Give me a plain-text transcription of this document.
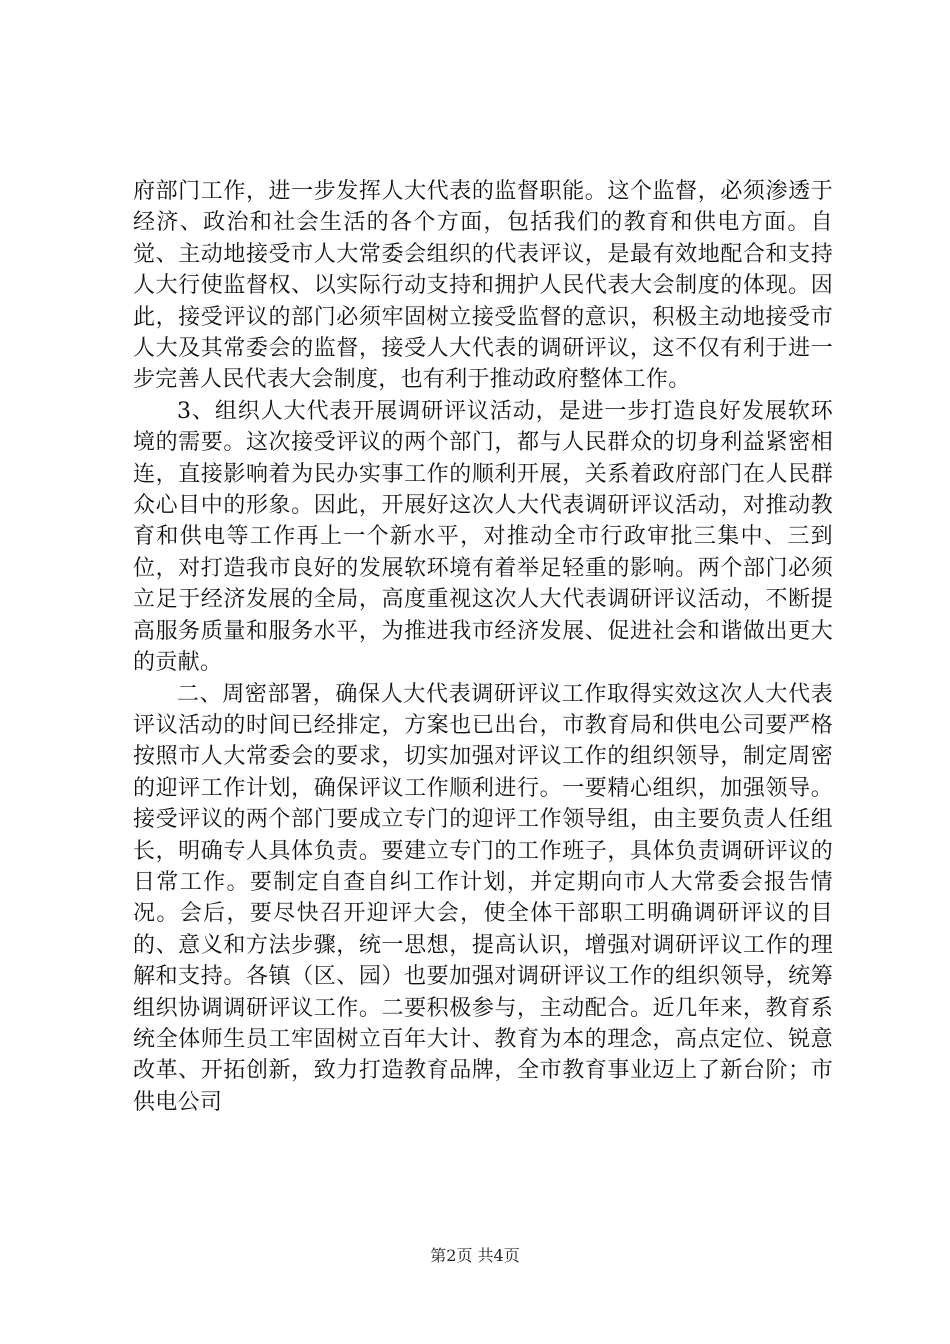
府部门工作，进一步发挥人大代表的监督职能。这个监督，必须渗透于经济、政治和社会生活的各个方面，包括我们的教育和供电方面。自觉、主动地接受市人大常委会组织的代表评议，是最有效地配合和支持人大行使监督权、以实际行动支持和拥护人民代表大会制度的体现。因此，接受评议的部门必须牢固树立接受监督的意识，积极主动地接受市人大及其常委会的监督，接受人大代表的调研评议，这不仅有利于进一步完善人民代表大会制度，也有利于推动政府整体工作。

3、组织人大代表开展调研评议活动，是进一步打造良好发展软环境的需要。这次接受评议的两个部门，都与人民群众的切身利益紧密相连，直接影响着为民办实事工作的顺利开展，关系着政府部门在人民群众心目中的形象。因此，开展好这次人大代表调研评议活动，对推动教育和供电等工作再上一个新水平，对推动全市行政审批三集中、三到位，对打造我市良好的发展软环境有着举足轻重的影响。两个部门必须立足于经济发展的全局，高度重视这次人大代表调研评议活动，不断提高服务质量和服务水平，为推进我市经济发展、促进社会和谐做出更大的贡献。

二、周密部署，确保人大代表调研评议工作取得实效这次人大代表评议活动的时间已经排定，方案也已出台，市教育局和供电公司要严格按照市人大常委会的要求，切实加强对评议工作的组织领导，制定周密的迎评工作计划，确保评议工作顺利进行。一要精心组织，加强领导。接受评议的两个部门要成立专门的迎评工作领导组，由主要负责人任组长，明确专人具体负责。要建立专门的工作班子，具体负责调研评议的日常工作。要制定自查自纠工作计划，并定期向市人大常委会报告情况。会后，要尽快召开迎评大会，使全体干部职工明确调研评议的目的、意义和方法步骤，统一思想，提高认识，增强对调研评议工作的理解和支持。各镇（区、园）也要加强对调研评议工作的组织领导，统筹组织协调调研评议工作。二要积极参与，主动配合。近几年来，教育系统全体师生员工牢固树立百年大计、教育为本的理念，高点定位、锐意改革、开拓创新，致力打造教育品牌，全市教育事业迈上了新台阶；市供电公司

第2页 共4页
